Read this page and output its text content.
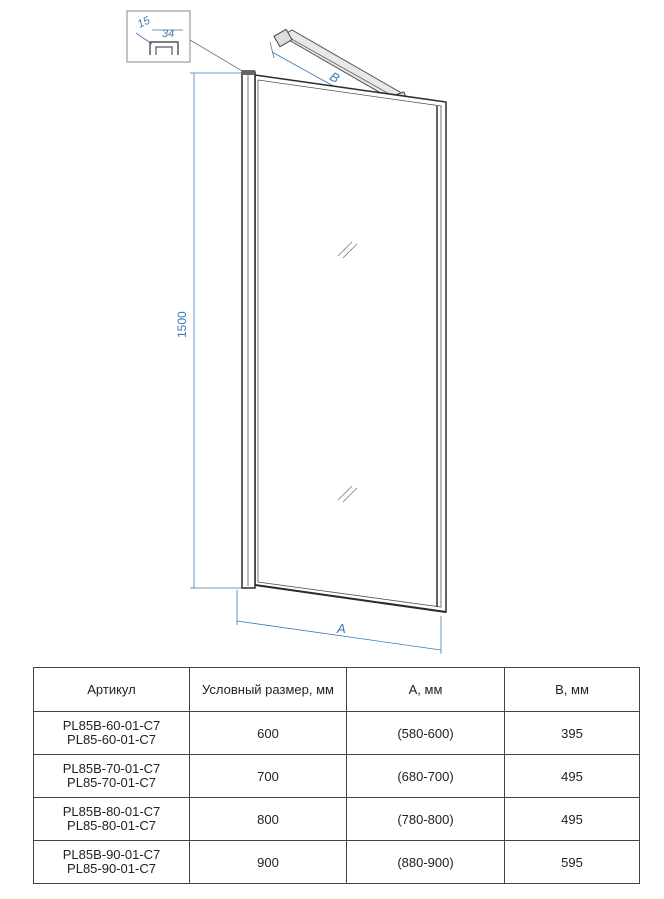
15
34
B
1500
A
Артикул	Условный размер, мм	А, мм	В, мм

PL85B-60-01-C7
PL85-60-01-C7	600	(580-600)	395

PL85B-70-01-C7
PL85-70-01-C7	700	(680-700)	495

PL85B-80-01-C7
PL85-80-01-C7	800	(780-800)	495

PL85B-90-01-C7
PL85-90-01-C7	900	(880-900)	595
